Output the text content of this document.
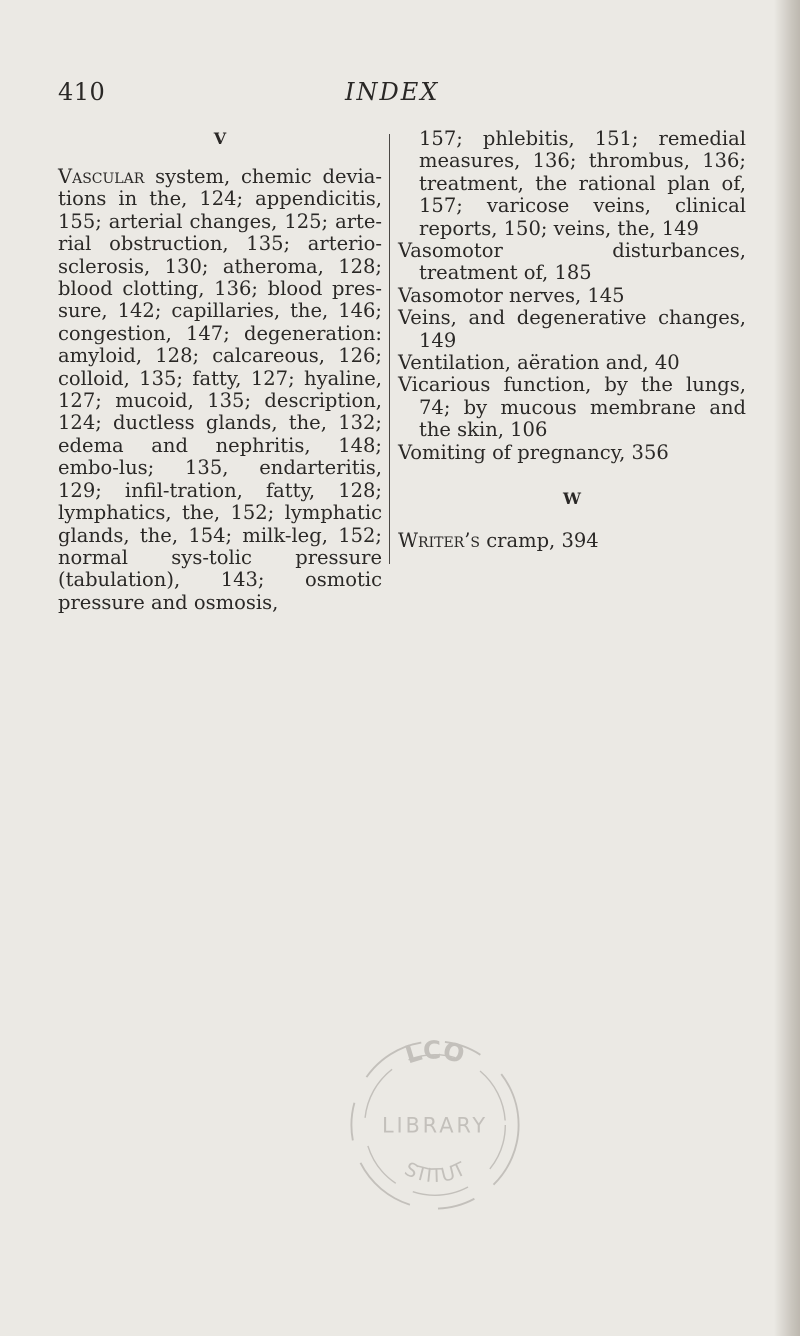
410	INDEX
V

Vascular system, chemic devia-tions in the, 124; appendicitis, 155; arterial changes, 125; arte-rial obstruction, 135; arterio-sclerosis, 130; atheroma, 128; blood clotting, 136; blood pres-sure, 142; capillaries, the, 146; congestion, 147; degeneration: amyloid, 128; calcareous, 126; colloid, 135; fatty, 127; hyaline, 127; mucoid, 135; description, 124; ductless glands, the, 132; edema and nephritis, 148; embo-lus; 135, endarteritis, 129; infil-tration, fatty, 128; lymphatics, the, 152; lymphatic glands, the, 154; milk-leg, 152; normal sys-tolic pressure (tabulation), 143; osmotic pressure and osmosis,

157; phlebitis, 151; remedial measures, 136; thrombus, 136; treatment, the rational plan of, 157; varicose veins, clinical reports, 150; veins, the, 149

Vasomotor disturbances, treatment of, 185

Vasomotor nerves, 145

Veins, and degenerative changes, 149

Ventilation, aëration and, 40

Vicarious function, by the lungs, 74; by mucous membrane and the skin, 106

Vomiting of pregnancy, 356

W

Writer’s cramp, 394

LCO
LIBRARY
STITUT
